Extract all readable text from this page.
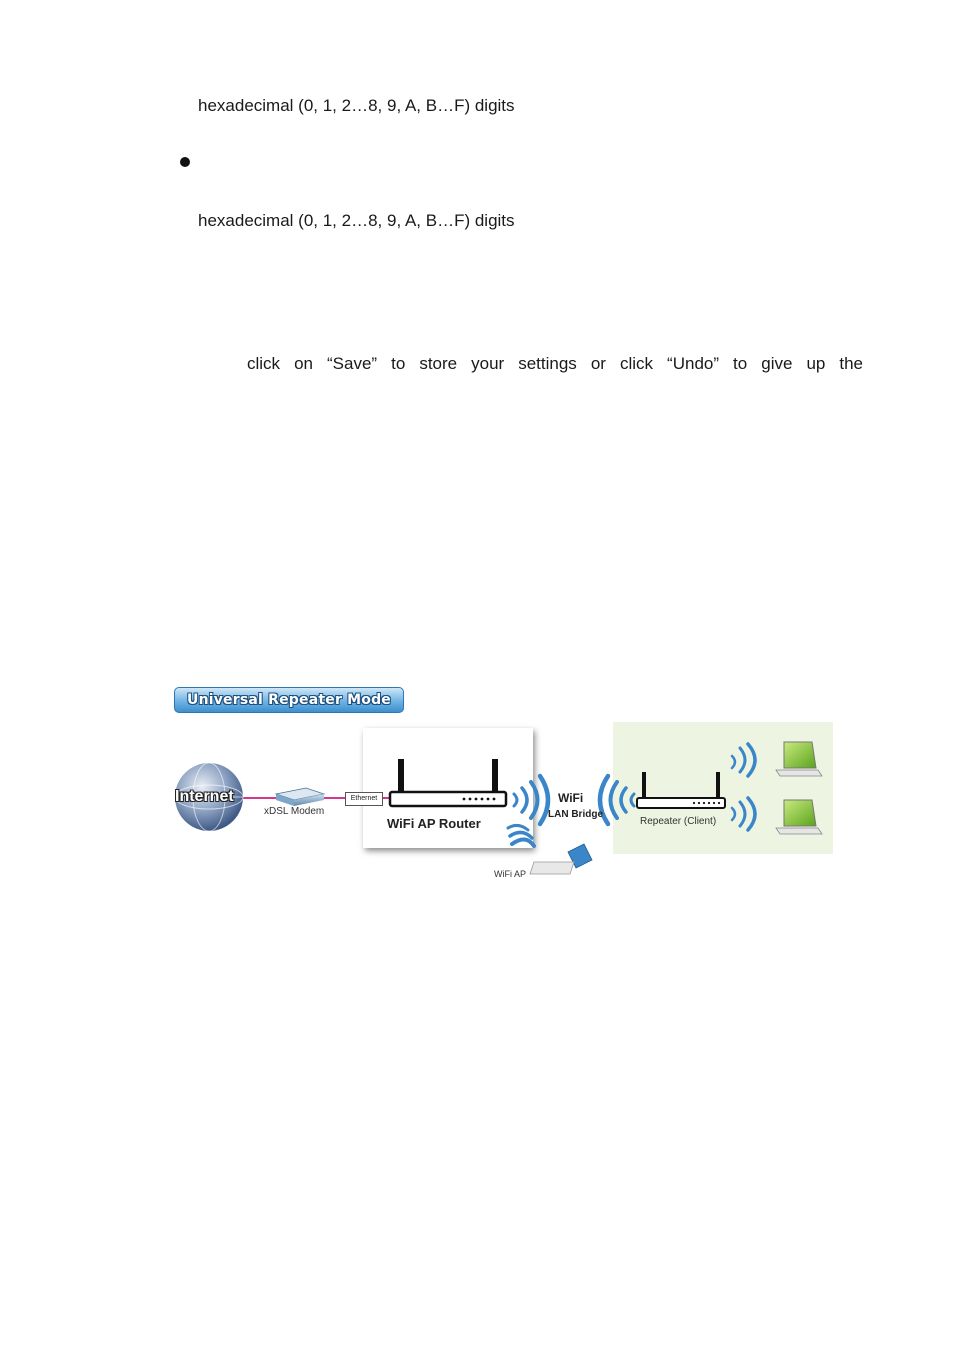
hexadecimal (0, 1, 2…8, 9, A, B…F) digits
hexadecimal (0, 1, 2…8, 9, A, B…F) digits
click on “Save” to store your settings or click “Undo” to give up the
Universal Repeater Mode
Internet
xDSL Modem
Ethernet
WiFi AP Router
WiFi
LAN Bridge
Repeater (Client)
WiFi AP
